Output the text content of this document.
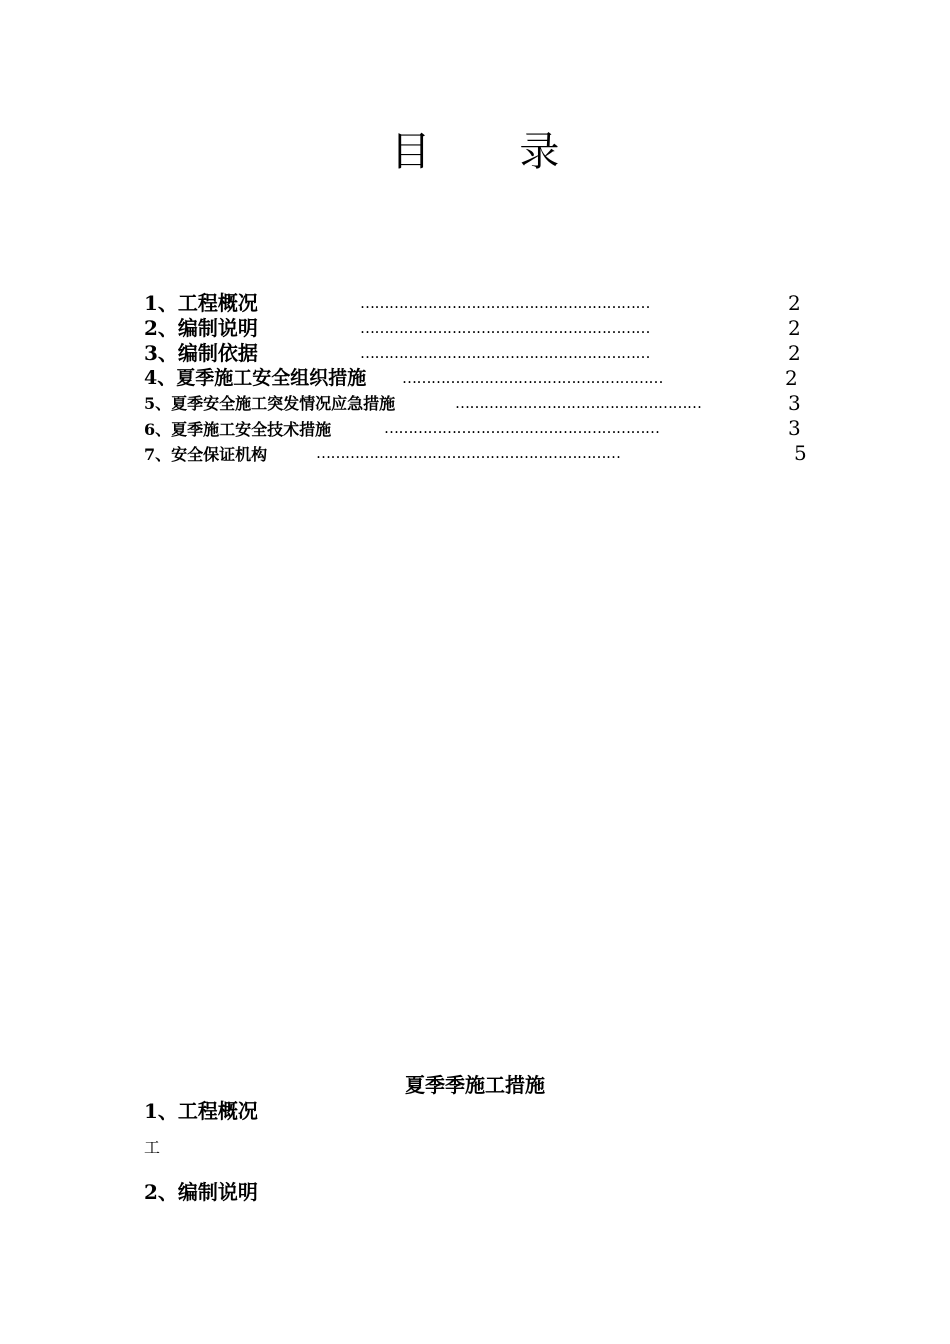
目 录
1、工程概况	……………………………………………………	2
2、编制说明	……………………………………………………	2
3、编制依据	……………………………………………………	2
4、夏季施工安全组织措施 ………………………………………………	2
5、夏季安全施工突发情况应急措施	……………………………………………	3
6、夏季施工安全技术措施	…………………………………………………	3
7、安全保证机构	………………………………………………………	5
夏季季施工措施
1、工程概况
工
2、编制说明
